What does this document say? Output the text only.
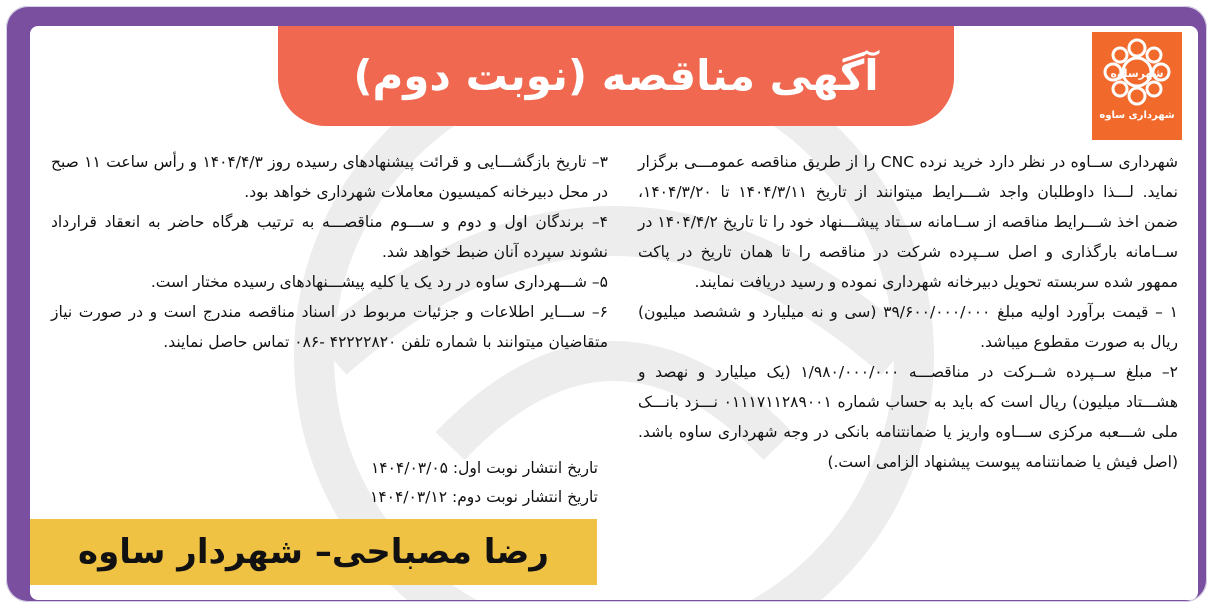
آگهی مناقصه (نوبت دوم)	شهرساوه
شهرداری ساوه

شهرداری ســاوه در نظر دارد خرید نرده CNC را از طریق مناقصه عمومـــی برگزار نماید. لـــذا داوطلبان واجد شـــرایط میتوانند از تاریخ ۱۴۰۴/۳/۱۱ تا ۱۴۰۴/۳/۲۰، ضمن اخذ شـــرایط مناقصه از ســامانه ســتاد پیشـــنهاد خود را تا تاریخ ۱۴۰۴/۴/۲ در ســامانه بارگذاری و اصل ســپرده شرکت در مناقصه را تا همان تاریخ در پاکت ممهور شده سربسته تحویل دبیرخانه شهرداری نموده و رسید دریافت نمایند.

۱ – قیمت برآورد اولیه مبلغ ۳۹/۶۰۰/۰۰۰/۰۰۰ (سی و نه میلیارد و ششصد میلیون) ریال به صورت مقطوع میباشد.

۲– مبلغ ســپرده شــرکت در مناقصـــه ۱/۹۸۰/۰۰۰/۰۰۰ (یک میلیارد و نهصد و هشـــتاد میلیون) ریال است که باید به حساب شماره ۰۱۱۱۷۱۱۲۸۹۰۰۱ نـــزد بانـــک ملی شـــعبه مرکزی ســـاوه واریز یا ضمانتنامه بانکی در وجه شهرداری ساوه باشد. (اصل فیش یا ضمانتنامه پیوست پیشنهاد الزامی است.)

۳– تاریخ بازگشـــایی و قرائت پیشنهادهای رسیده روز ۱۴۰۴/۴/۳ و رأس ساعت ۱۱ صبح در محل دبیرخانه کمیسیون معاملات شهرداری خواهد بود.

۴– برندگان اول و دوم و ســـوم مناقصـــه به ترتیب هرگاه حاضر به انعقاد قرارداد نشوند سپرده آنان ضبط خواهد شد.

۵– شـــهرداری ساوه در رد یک یا کلیه پیشـــنهادهای رسیده مختار است.

۶– ســـایر اطلاعات و جزئیات مربوط در اسناد مناقصه مندرج است و در صورت نیاز متقاضیان میتوانند با شماره تلفن ۴۲۲۲۲۸۲۰ -۰۸۶ تماس حاصل نمایند.

تاریخ انتشار نوبت اول: ۱۴۰۴/۰۳/۰۵
تاریخ انتشار نوبت دوم: ۱۴۰۴/۰۳/۱۲
رضا مصباحی– شهردار ساوه
